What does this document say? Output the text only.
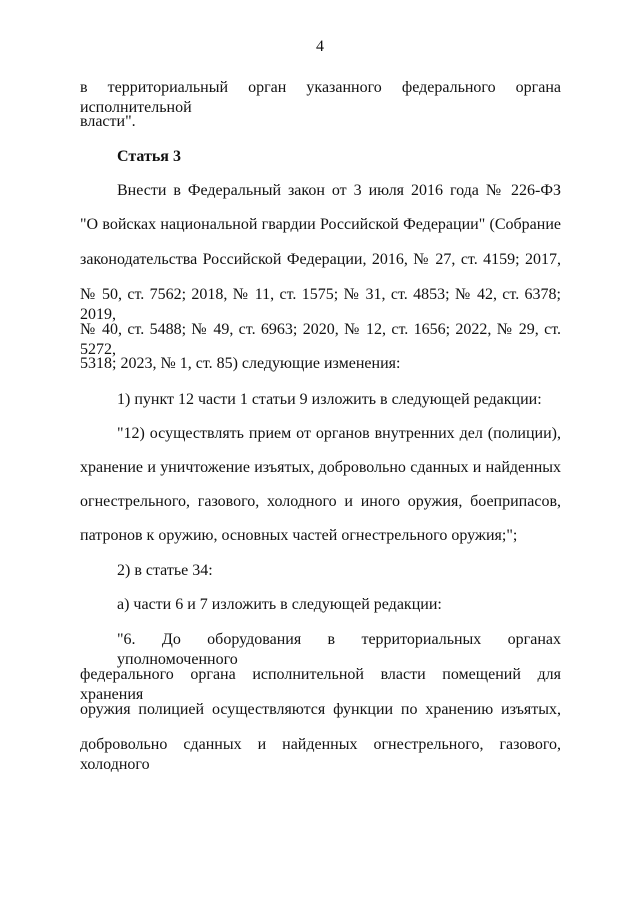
4
в территориальный орган указанного федерального органа исполнительной
власти".
Статья 3
Внести в Федеральный закон от 3 июля 2016 года № 226-ФЗ
"О войсках национальной гвардии Российской Федерации" (Собрание
законодательства Российской Федерации, 2016, № 27, ст. 4159; 2017,
№ 50, ст. 7562; 2018, № 11, ст. 1575; № 31, ст. 4853; № 42, ст. 6378; 2019,
№ 40, ст. 5488; № 49, ст. 6963; 2020, № 12, ст. 1656; 2022, № 29, ст. 5272,
5318; 2023, № 1, ст. 85) следующие изменения:
1) пункт 12 части 1 статьи 9 изложить в следующей редакции:
"12) осуществлять прием от органов внутренних дел (полиции),
хранение и уничтожение изъятых, добровольно сданных и найденных
огнестрельного, газового, холодного и иного оружия, боеприпасов,
патронов к оружию, основных частей огнестрельного оружия;";
2) в статье 34:
а) части 6 и 7 изложить в следующей редакции:
"6. До оборудования в территориальных органах уполномоченного
федерального органа исполнительной власти помещений для хранения
оружия полицией осуществляются функции по хранению изъятых,
добровольно сданных и найденных огнестрельного, газового, холодного
